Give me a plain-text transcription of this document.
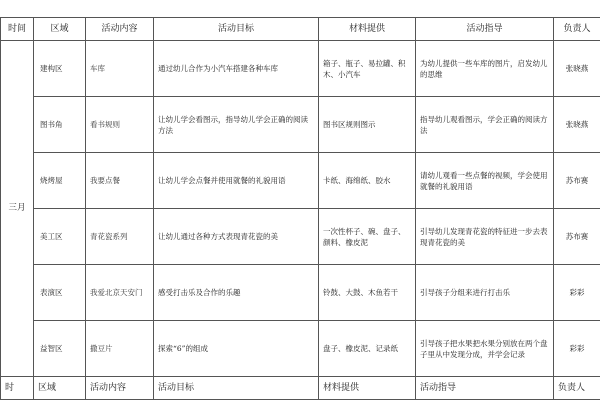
时间	区域	活动内容	活动目标	材料提供	活动指导	负责人
三月	建构区	车库	通过幼儿合作为小汽车搭建各种车库	箱子、瓶子、易拉罐、积木、小汽车	为幼儿提供一些车库的图片，启发幼儿的思维	张晓燕
	图书角	看书规则	让幼儿学会看图示，指导幼儿学会正确的阅读方法	图书区规则图示	指导幼儿观看图示，学会正确的阅读方法	张晓燕
	烧烤屋	我要点餐	让幼儿学会点餐并使用就餐的礼貌用语	卡纸、海绵纸、胶水	请幼儿观看一些点餐的视频，学会使用就餐的礼貌用语	苏布赛
	美工区	青花瓷系列	让幼儿通过各种方式表现青花瓷的美	一次性杯子、碗、盘子、颜料、橡皮泥	引导幼儿发现青花瓷的特征进一步去表现青花瓷的美	苏布赛
	表演区	我爱北京天安门	感受打击乐及合作的乐趣	铃鼓、大鼓、木鱼若干	引导孩子分组来进行打击乐	彩彩
	益智区	撒豆片	探索“6”的组成	盘子、橡皮泥、记录纸	引导孩子把水果把水果分别放在两个盘子里从中发现分成，并学会记录	彩彩
时	区域	活动内容	活动目标	材料提供	活动指导	负责人
